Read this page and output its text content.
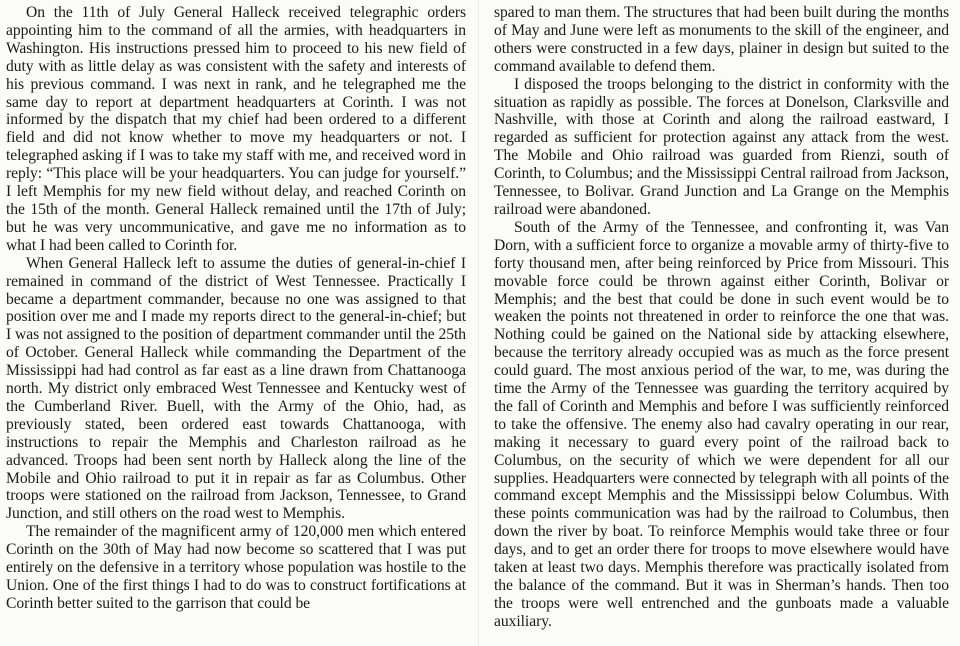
On the 11th of July General Halleck received telegraphic orders appointing him to the command of all the armies, with headquarters in Washington. His instructions pressed him to proceed to his new field of duty with as little delay as was consistent with the safety and interests of his previous command. I was next in rank, and he telegraphed me the same day to report at department headquarters at Corinth. I was not informed by the dispatch that my chief had been ordered to a different field and did not know whether to move my headquarters or not. I telegraphed asking if I was to take my staff with me, and received word in reply: “This place will be your headquarters. You can judge for yourself.” I left Memphis for my new field without delay, and reached Corinth on the 15th of the month. General Halleck remained until the 17th of July; but he was very uncommunicative, and gave me no information as to what I had been called to Corinth for.

When General Halleck left to assume the duties of general-in-chief I remained in command of the district of West Tennessee. Practically I became a department commander, because no one was assigned to that position over me and I made my reports direct to the general-in-chief; but I was not assigned to the position of department commander until the 25th of October. General Halleck while commanding the Department of the Mississippi had had control as far east as a line drawn from Chattanooga north. My district only embraced West Tennessee and Kentucky west of the Cumberland River. Buell, with the Army of the Ohio, had, as previously stated, been ordered east towards Chattanooga, with instructions to repair the Memphis and Charleston railroad as he advanced. Troops had been sent north by Halleck along the line of the Mobile and Ohio railroad to put it in repair as far as Columbus. Other troops were stationed on the railroad from Jackson, Tennessee, to Grand Junction, and still others on the road west to Memphis.

The remainder of the magnificent army of 120,000 men which entered Corinth on the 30th of May had now become so scattered that I was put entirely on the defensive in a territory whose population was hostile to the Union. One of the first things I had to do was to construct fortifications at Corinth better suited to the garrison that could be

spared to man them. The structures that had been built during the months of May and June were left as monuments to the skill of the engineer, and others were constructed in a few days, plainer in design but suited to the command available to defend them.

I disposed the troops belonging to the district in conformity with the situation as rapidly as possible. The forces at Donelson, Clarksville and Nashville, with those at Corinth and along the railroad eastward, I regarded as sufficient for protection against any attack from the west. The Mobile and Ohio railroad was guarded from Rienzi, south of Corinth, to Columbus; and the Mississippi Central railroad from Jackson, Tennessee, to Bolivar. Grand Junction and La Grange on the Memphis railroad were abandoned.

South of the Army of the Tennessee, and confronting it, was Van Dorn, with a sufficient force to organize a movable army of thirty-five to forty thousand men, after being reinforced by Price from Missouri. This movable force could be thrown against either Corinth, Bolivar or Memphis; and the best that could be done in such event would be to weaken the points not threatened in order to reinforce the one that was. Nothing could be gained on the National side by attacking elsewhere, because the territory already occupied was as much as the force present could guard. The most anxious period of the war, to me, was during the time the Army of the Tennessee was guarding the territory acquired by the fall of Corinth and Memphis and before I was sufficiently reinforced to take the offensive. The enemy also had cavalry operating in our rear, making it necessary to guard every point of the railroad back to Columbus, on the security of which we were dependent for all our supplies. Headquarters were connected by telegraph with all points of the command except Memphis and the Mississippi below Columbus. With these points communication was had by the railroad to Columbus, then down the river by boat. To reinforce Memphis would take three or four days, and to get an order there for troops to move elsewhere would have taken at least two days. Memphis therefore was practically isolated from the balance of the command. But it was in Sherman’s hands. Then too the troops were well entrenched and the gunboats made a valuable auxiliary.
